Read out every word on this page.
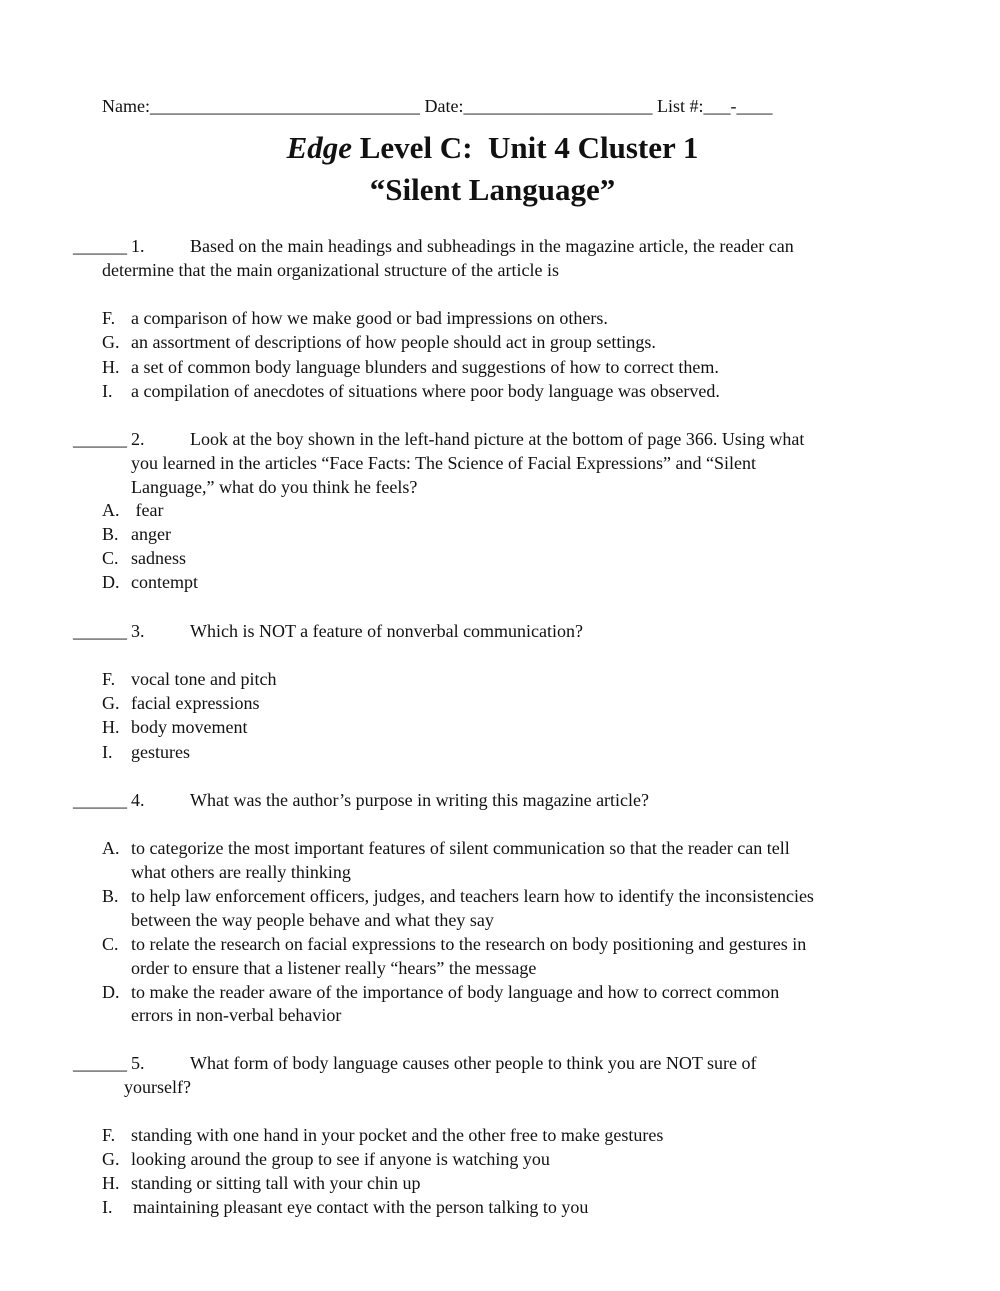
Name:______________________________ Date:_____________________ List #:___-____
Edge Level C:  Unit 4 Cluster 1
“Silent Language”
______ 1.	Based on the main headings and subheadings in the magazine article, the reader can
determine that the main organizational structure of the article is
F. a comparison of how we make good or bad impressions on others.
G. an assortment of descriptions of how people should act in group settings.
H. a set of common body language blunders and suggestions of how to correct them.
I. a compilation of anecdotes of situations where poor body language was observed.
______ 2.	Look at the boy shown in the left-hand picture at the bottom of page 366. Using what
you learned in the articles “Face Facts: The Science of Facial Expressions” and “Silent
Language,” what do you think he feels?
A. fear
B. anger
C. sadness
D. contempt
______ 3.	Which is NOT a feature of nonverbal communication?
F. vocal tone and pitch
G. facial expressions
H. body movement
I. gestures
______ 4.	What was the author’s purpose in writing this magazine article?
A. to categorize the most important features of silent communication so that the reader can tell
what others are really thinking
B. to help law enforcement officers, judges, and teachers learn how to identify the inconsistencies
between the way people behave and what they say
C. to relate the research on facial expressions to the research on body positioning and gestures in
order to ensure that a listener really “hears” the message
D. to make the reader aware of the importance of body language and how to correct common
errors in non-verbal behavior
______ 5.	What form of body language causes other people to think you are NOT sure of
yourself?
F. standing with one hand in your pocket and the other free to make gestures
G. looking around the group to see if anyone is watching you
H. standing or sitting tall with your chin up
I. maintaining pleasant eye contact with the person talking to you
